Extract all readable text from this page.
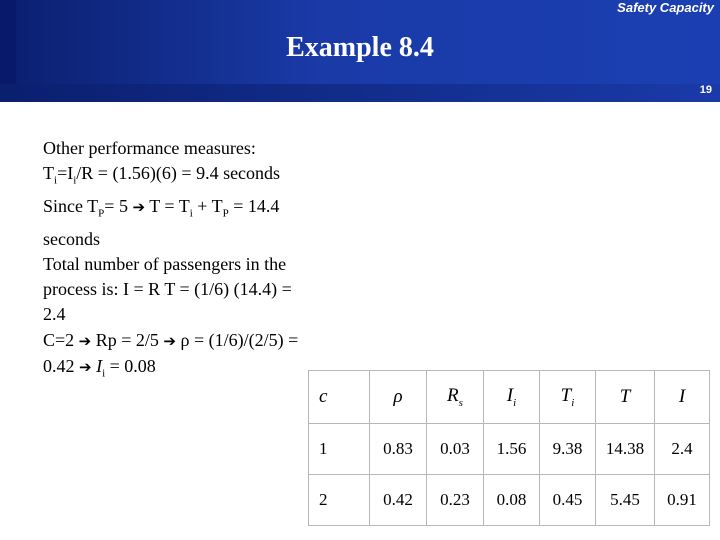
Safety Capacity
Example 8.4
19

Other performance measures:

$T_i=I_i/R = (1.56)(6) = 9.4$ seconds

Since $T_P= 5$ ➔ $T = T_i + T_P = 14.4$

seconds

Total number of passengers in the

process is: I = R T = (1/6) (14.4) =

2.4

C=2 ➔ Rp = 2/5 ➔ ρ = (1/6)/(2/5) =

0.42 ➔ $I_i = 0.08$

c	ρ	$R_s$	$I_i$	$T_i$	T	I
1	0.83	0.03	1.56	9.38	14.38	2.4
2	0.42	0.23	0.08	0.45	5.45	0.91
